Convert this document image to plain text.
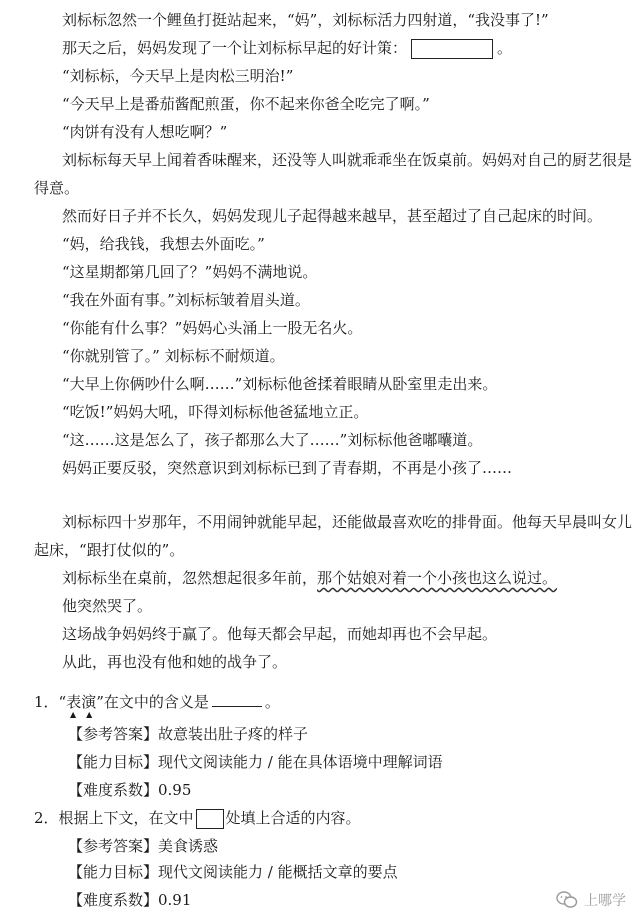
刘标标忽然一个鲤鱼打挺站起来，“妈”，刘标标活力四射道，“我没事了!”
那天之后，妈妈发现了一个让刘标标早起的好计策：	。
“刘标标，今天早上是肉松三明治!”
“今天早上是番茄酱配煎蛋，你不起来你爸全吃完了啊。”
“肉饼有没有人想吃啊？”
刘标标每天早上闻着香味醒来，还没等人叫就乖乖坐在饭桌前。妈妈对自己的厨艺很是
得意。
然而好日子并不长久，妈妈发现儿子起得越来越早，甚至超过了自己起床的时间。
“妈，给我钱，我想去外面吃。”
“这星期都第几回了？”妈妈不满地说。
“我在外面有事。”刘标标皱着眉头道。
“你能有什么事？”妈妈心头涌上一股无名火。
“你就别管了。” 刘标标不耐烦道。
“大早上你俩吵什么啊……”刘标标他爸揉着眼睛从卧室里走出来。
“吃饭!”妈妈大吼，吓得刘标标他爸猛地立正。
“这……这是怎么了，孩子都那么大了……”刘标标他爸嘟囔道。
妈妈正要反驳，突然意识到刘标标已到了青春期，不再是小孩了……
刘标标四十岁那年，不用闹钟就能早起，还能做最喜欢吃的排骨面。他每天早晨叫女儿
起床，“跟打仗似的”。
刘标标坐在桌前，忽然想起很多年前，那个姑娘对着一个小孩也这么说过。
他突然哭了。
这场战争妈妈终于赢了。他每天都会早起，而她却再也不会早起。
从此，再也没有他和她的战争了。
1．“表演”在文中的含义是	。
▲▲
【参考答案】故意装出肚子疼的样子
【能力目标】现代文阅读能力 / 能在具体语境中理解词语
【难度系数】0.95
2．根据上下文，在文中 处填上合适的内容。
【参考答案】美食诱惑
【能力目标】现代文阅读能力 / 能概括文章的要点
【难度系数】0.91	上哪学
